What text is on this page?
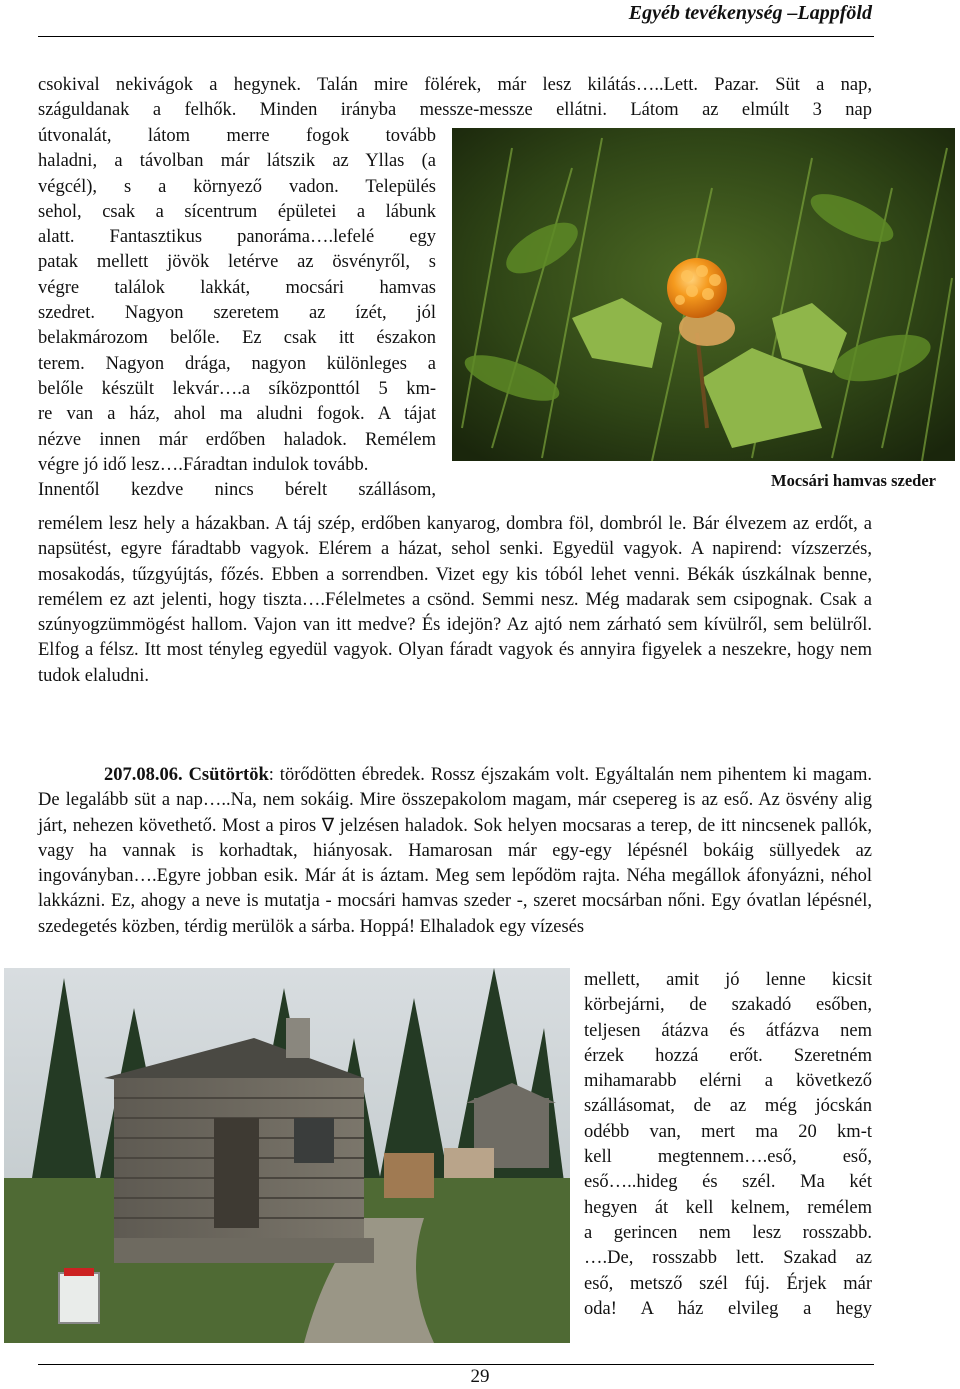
Egyéb tevékenység –Lappföld
csokival nekivágok a hegynek. Talán mire fölérek, már lesz kilátás…..Lett. Pazar. Süt a nap,
száguldanak a felhők. Minden irányba messze-messze ellátni. Látom az elmúlt 3 nap
útvonalát, látom merre fogok tovább
haladni, a távolban már látszik az Yllas (a
végcél), s a környező vadon. Település
sehol, csak a sícentrum épületei a lábunk
alatt. Fantasztikus panoráma….lefelé egy
patak mellett jövök letérve az ösvényről, s
végre találok lakkát, mocsári hamvas
szedret. Nagyon szeretem az ízét, jól
belakmározom belőle. Ez csak itt északon
terem. Nagyon drága, nagyon különleges a
belőle készült lekvár….a síközponttól 5 km-
re van a ház, ahol ma aludni fogok. A tájat
nézve innen már erdőben haladok. Remélem
végre jó idő lesz….Fáradtan indulok tovább.
Innentől kezdve nincs bérelt szállásom,	Mocsári hamvas szeder

remélem lesz hely a házakban. A táj szép, erdőben kanyarog, dombra föl, dombról le. Bár élvezem az erdőt, a napsütést, egyre fáradtabb vagyok. Elérem a házat, sehol senki. Egyedül vagyok. A napirend: vízszerzés, mosakodás, tűzgyújtás, főzés. Ebben a sorrendben. Vizet egy kis tóból lehet venni. Békák úszkálnak benne, remélem ez azt jelenti, hogy tiszta….Félelmetes a csönd. Semmi nesz. Még madarak sem csipognak. Csak a szúnyogzümmögést hallom. Vajon van itt medve? És idejön? Az ajtó nem zárható sem kívülről, sem belülről. Elfog a félsz. Itt most tényleg egyedül vagyok. Olyan fáradt vagyok és annyira figyelek a neszekre, hogy nem tudok elaludni.

207.08.06. Csütörtök: törődötten ébredek. Rossz éjszakám volt. Egyáltalán nem pihentem ki magam. De legalább süt a nap…..Na, nem sokáig. Mire összepakolom magam, már csepereg is az eső. Az ösvény alig járt, nehezen követhető. Most a piros ∇ jelzésen haladok. Sok helyen mocsaras a terep, de itt nincsenek pallók, vagy ha vannak is korhadtak, hiányosak. Hamarosan már egy-egy lépésnél bokáig süllyedek az ingoványban….Egyre jobban esik. Már át is áztam. Meg sem lepődöm rajta. Néha megállok áfonyázni, néhol lakkázni. Ez, ahogy a neve is mutatja - mocsári hamvas szeder -, szeret mocsárban nőni. Egy óvatlan lépésnél, szedegetés közben, térdig merülök a sárba. Hoppá! Elhaladok egy vízesés

mellett, amit jó lenne kicsit
körbejárni, de szakadó esőben,
teljesen átázva és átfázva nem
érzek hozzá erőt. Szeretném
mihamarabb elérni a következő
szállásomat, de az még jócskán
odébb van, mert ma 20 km-t
kell megtennem….eső, eső,
eső…..hideg és szél. Ma két
hegyen át kell kelnem, remélem
a gerincen nem lesz rosszabb.
….De, rosszabb lett. Szakad az
eső, metsző szél fúj. Érjek már
oda! A ház elvileg a hegy
29
